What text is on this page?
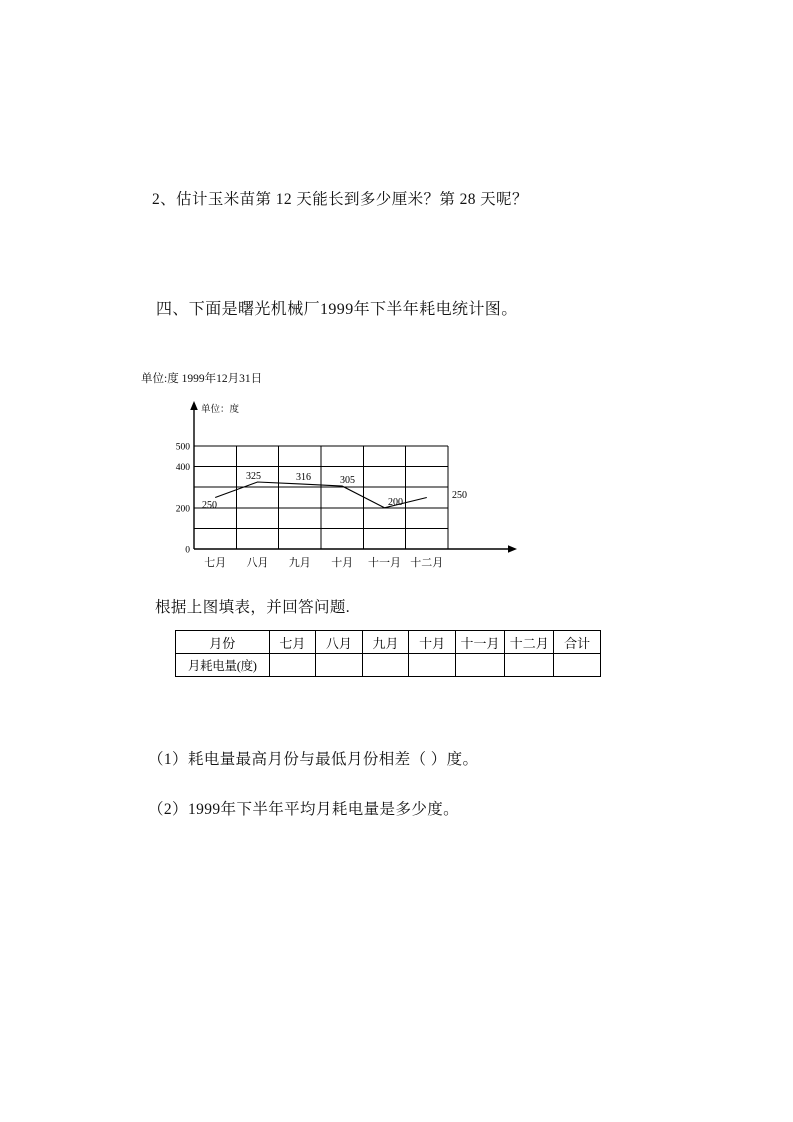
2、估计玉米苗第 12 天能长到多少厘米？第 28 天呢？
四、下面是曙光机械厂1999年下半年耗电统计图。
单位:度 1999年12月31日
500
400
200
0
单位：度
250
325	316	305
200
250
七月 八月 九月 十月 十一月 十二月
根据上图填表，并回答问题.
月份	七月	八月	九月	十月	十一月	十二月	合计
月耗电量(度)							
（1）耗电量最高月份与最低月份相差（ ）度。
（2）1999年下半年平均月耗电量是多少度。
